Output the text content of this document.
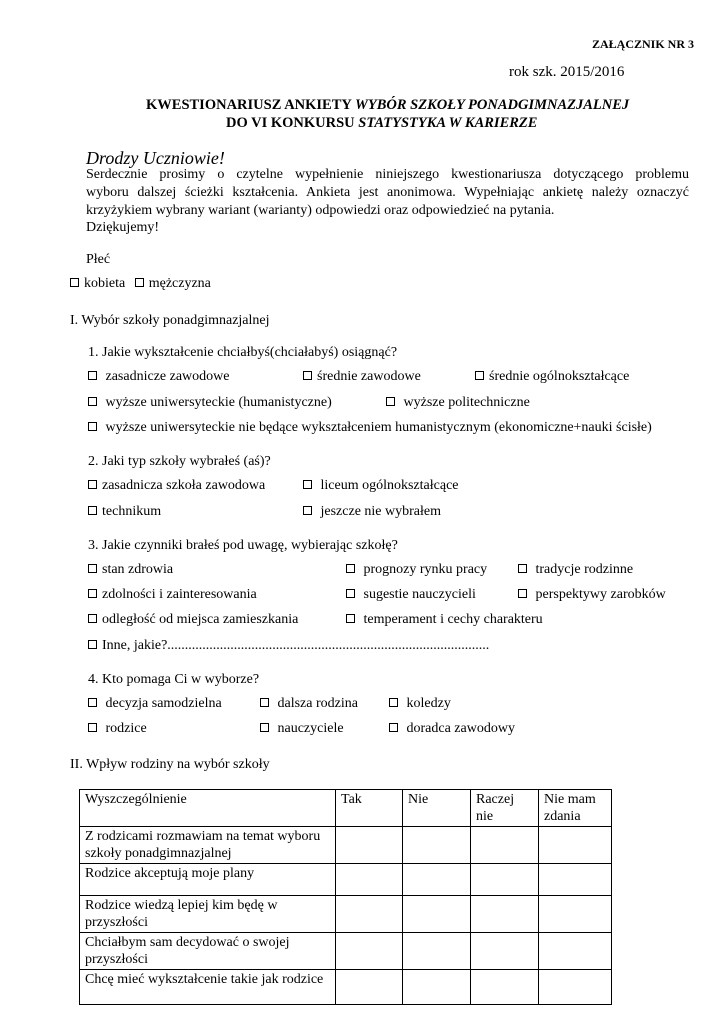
ZAŁĄCZNIK NR 3
rok szk. 2015/2016
KWESTIONARIUSZ ANKIETY WYBÓR SZKOŁY PONADGIMNAZJALNEJ
DO VI KONKURSU STATYSTYKA W KARIERZE
Drodzy Uczniowie!
Serdecznie prosimy o czytelne wypełnienie niniejszego kwestionariusza dotyczącego problemu
wyboru dalszej ścieżki kształcenia. Ankieta jest anonimowa. Wypełniając ankietę należy oznaczyć
krzyżykiem wybrany wariant (warianty) odpowiedzi oraz odpowiedzieć na pytania.
Dziękujemy!
Płeć
kobieta mężczyzna
I. Wybór szkoły ponadgimnazjalnej
1. Jakie wykształcenie chciałbyś(chciałabyś) osiągnąć?
zasadnicze zawodowe	średnie zawodowe	średnie ogólnokształcące
wyższe uniwersyteckie (humanistyczne)	wyższe politechniczne
wyższe uniwersyteckie nie będące wykształceniem humanistycznym (ekonomiczne+nauki ścisłe)
2. Jaki typ szkoły wybrałeś (aś)?
zasadnicza szkoła zawodowa	liceum ogólnokształcące
technikum	jeszcze nie wybrałem
3. Jakie czynniki brałeś pod uwagę, wybierając szkołę?
stan zdrowia	prognozy rynku pracy	tradycje rodzinne
zdolności i zainteresowania	sugestie nauczycieli	perspektywy zarobków
odległość od miejsca zamieszkania	temperament i cechy charakteru
Inne, jakie?............................................................................................
4. Kto pomaga Ci w wyborze?
decyzja samodzielna	dalsza rodzina	koledzy
rodzice	nauczyciele	doradca zawodowy
II. Wpływ rodziny na wybór szkoły
Wyszczególnienie	Tak	Nie	Raczej nie	Nie mam zdania
Z rodzicami rozmawiam na temat wyboru szkoły ponadgimnazjalnej				
Rodzice akceptują moje plany				
Rodzice wiedzą lepiej kim będę w przyszłości				
Chciałbym sam decydować o swojej przyszłości				
Chcę mieć wykształcenie takie jak rodzice				
